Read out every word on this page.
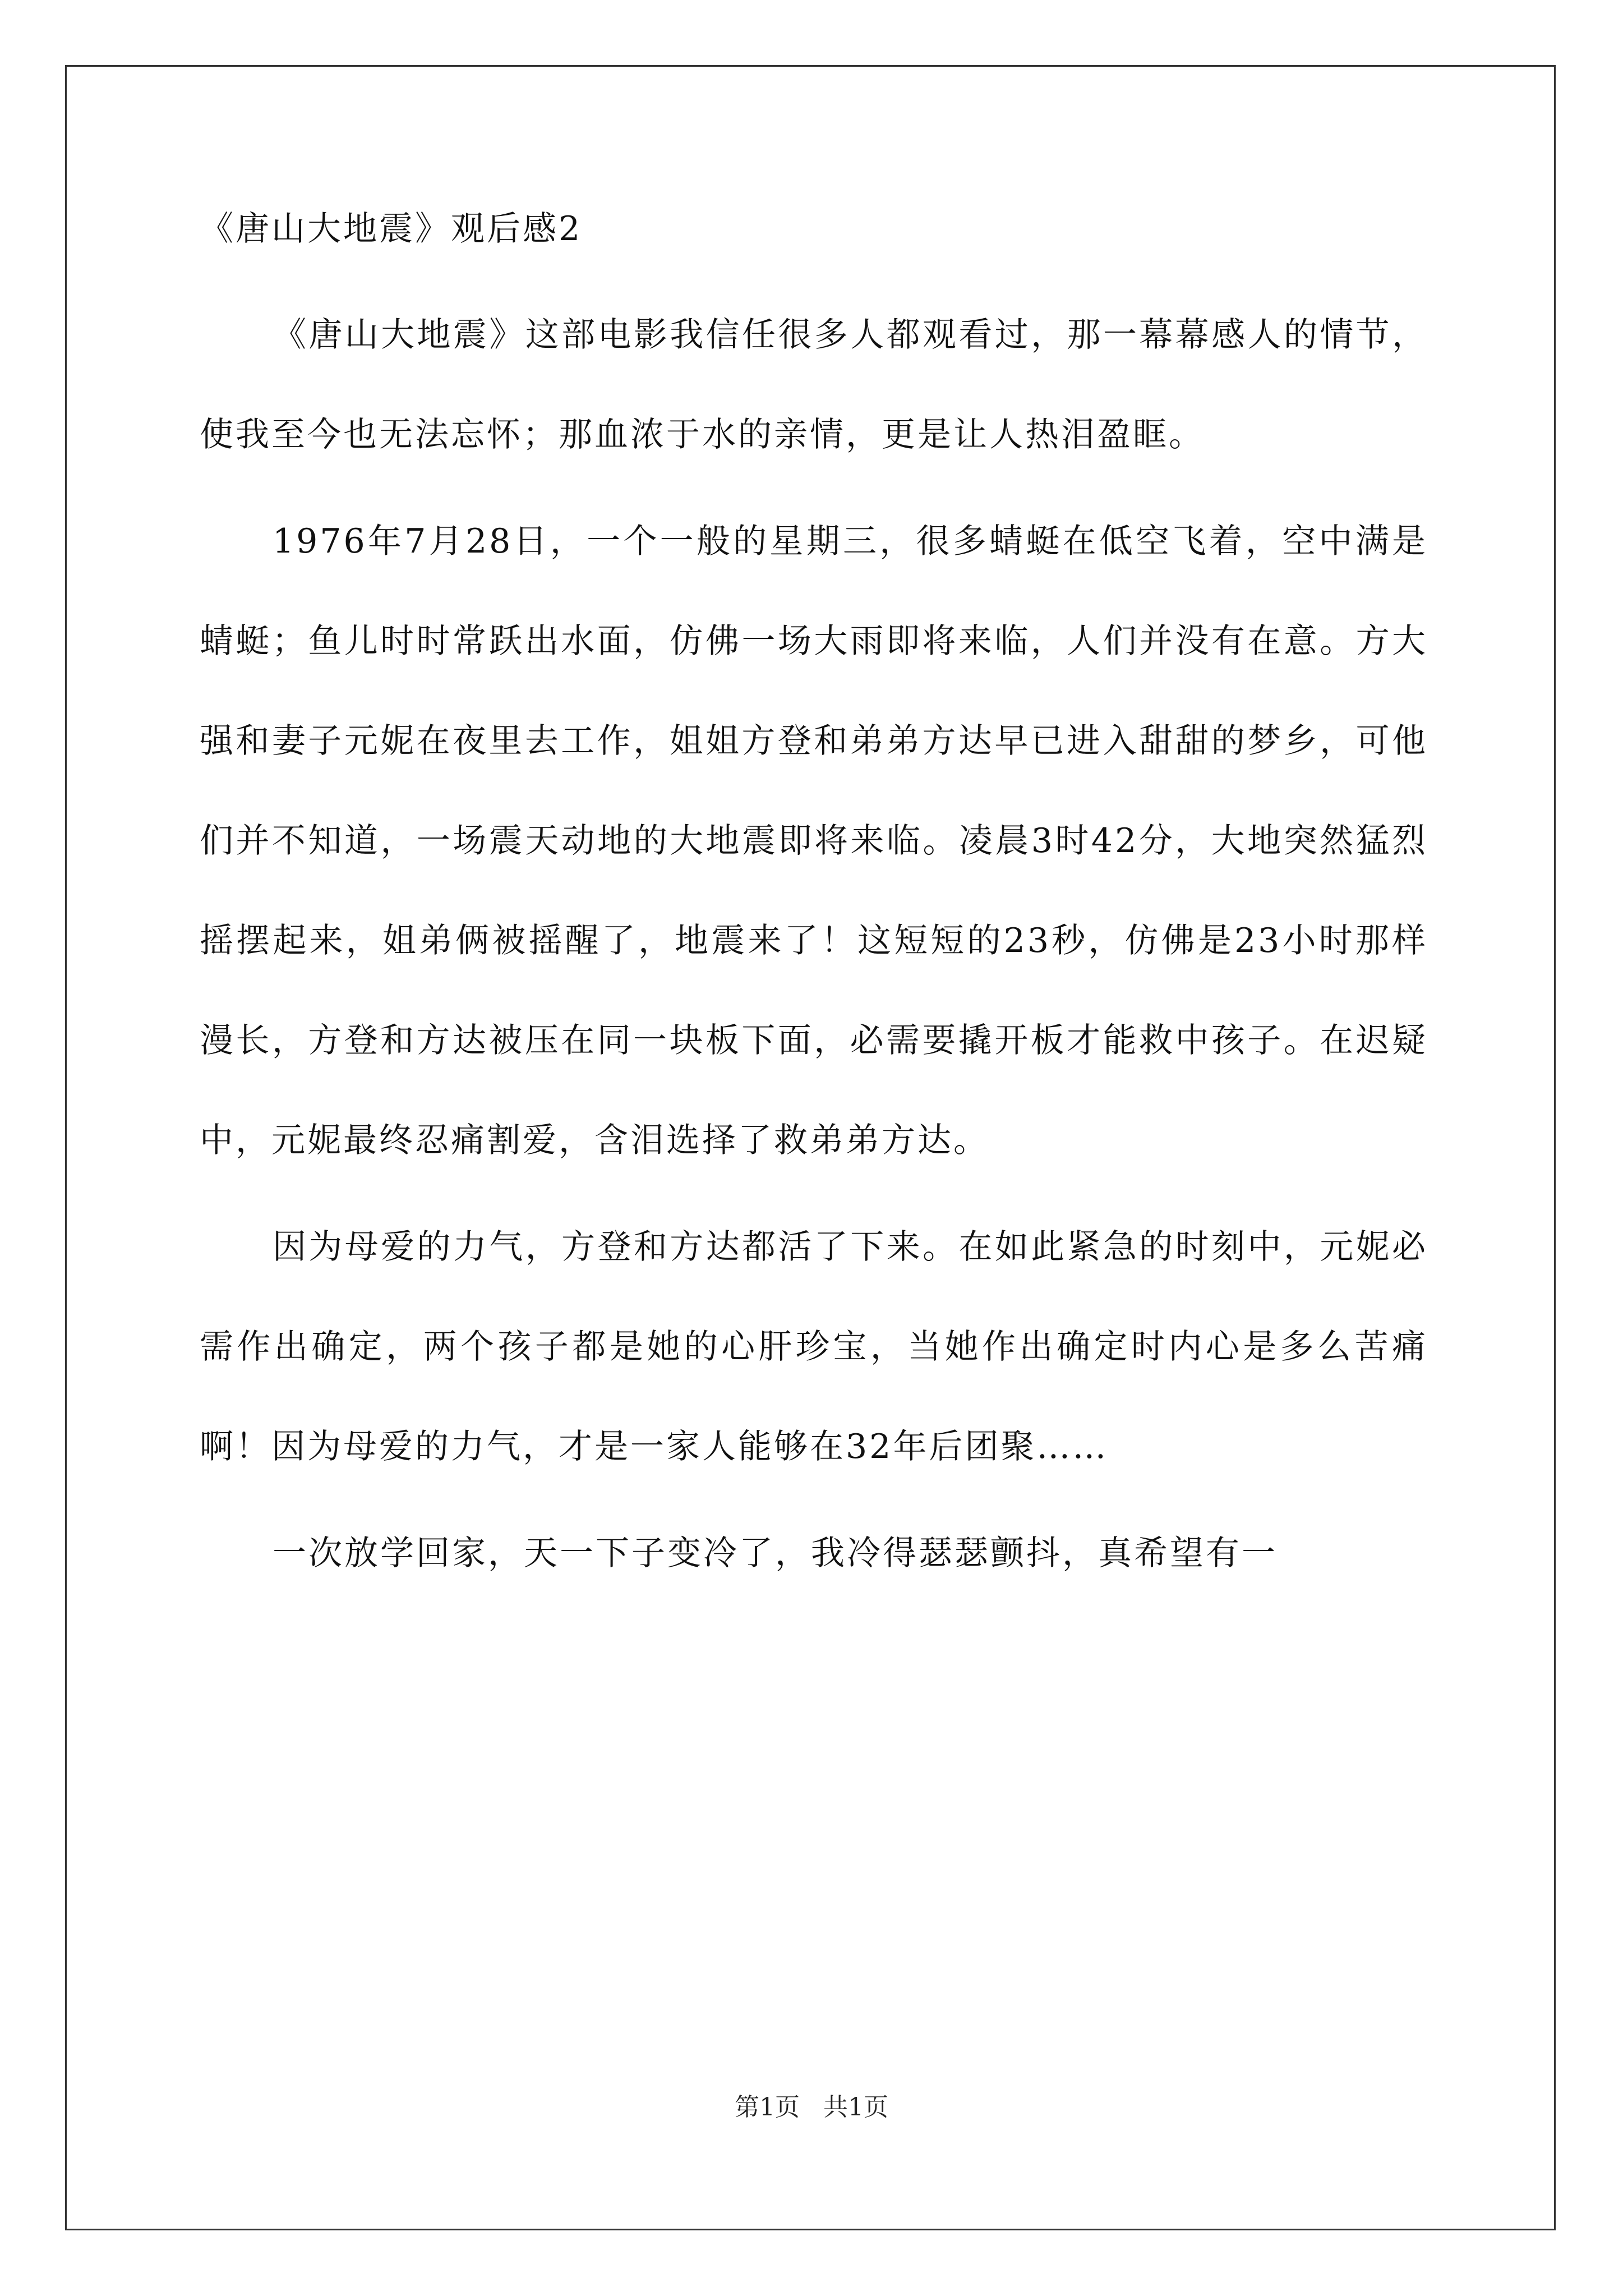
《唐山大地震》观后感2

《唐山大地震》这部电影我信任很多人都观看过，那一幕幕感人的情节，使我至今也无法忘怀；那血浓于水的亲情，更是让人热泪盈眶。

1976年7月28日，一个一般的星期三，很多蜻蜓在低空飞着，空中满是蜻蜓；鱼儿时时常跃出水面，仿佛一场大雨即将来临，人们并没有在意。方大强和妻子元妮在夜里去工作，姐姐方登和弟弟方达早已进入甜甜的梦乡，可他们并不知道，一场震天动地的大地震即将来临。凌晨3时42分，大地突然猛烈摇摆起来，姐弟俩被摇醒了，地震来了！这短短的23秒，仿佛是23小时那样漫长，方登和方达被压在同一块板下面，必需要撬开板才能救中孩子。在迟疑中，元妮最终忍痛割爱，含泪选择了救弟弟方达。

因为母爱的力气，方登和方达都活了下来。在如此紧急的时刻中，元妮必需作出确定，两个孩子都是她的心肝珍宝，当她作出确定时内心是多么苦痛啊！因为母爱的力气，才是一家人能够在32年后团聚……

一次放学回家，天一下子变冷了，我冷得瑟瑟颤抖，真希望有一

第1页 共1页
